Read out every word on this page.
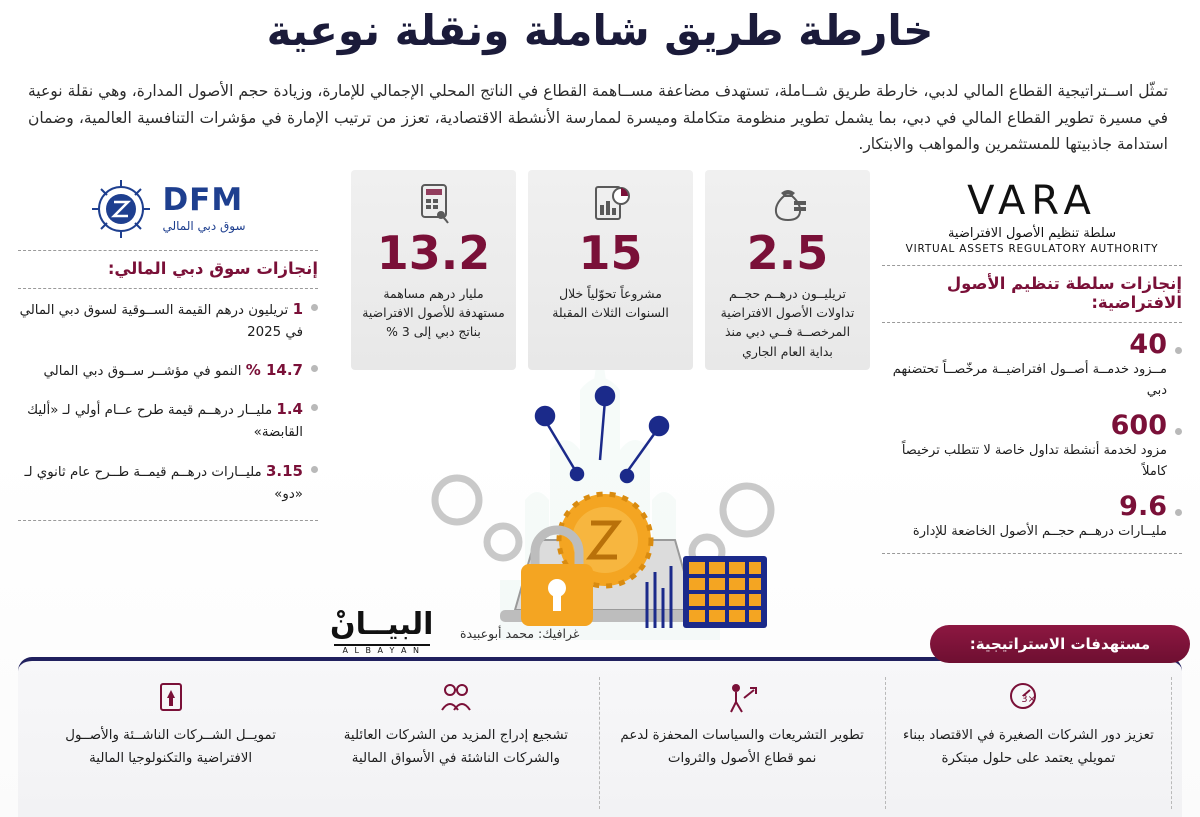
خارطة طريق شاملة ونقلة نوعية
تمثّل اســتراتيجية القطاع المالي لدبي، خارطة طريق شــاملة، تستهدف مضاعفة مســاهمة القطاع في الناتج المحلي الإجمالي للإمارة، وزيادة حجم الأصول المدارة، وهي نقلة نوعية في مسيرة تطوير القطاع المالي في دبي، بما يشمل تطوير منظومة متكاملة وميسرة لممارسة الأنشطة الاقتصادية، تعزز من ترتيب الإمارة في مؤشرات التنافسية العالمية، وضمان استدامة جاذبيتها للمستثمرين والمواهب والابتكار.
13.2
مليار درهم مساهمة مستهدفة للأصول الافتراضية بناتج دبي إلى 3 %
15
مشروعاً تحوّلياً خلال السنوات الثلاث المقبلة
2.5
تريليــون درهــم حجــم تداولات الأصول الافتراضية المرخصــة فــي دبي منذ بداية العام الجاري
VARA
سلطة تنظيم الأصول الافتراضية
VIRTUAL ASSETS REGULATORY AUTHORITY
إنجازات سلطة تنظيم الأصول الافتراضية:
40
مــزود خدمــة أصــول افتراضيــة مرخّصــاً تحتضنهم دبي
600
مزود لخدمة أنشطة تداول خاصة لا تتطلب ترخيصاً كاملاً
9.6
مليــارات درهــم حجــم الأصول الخاضعة للإدارة
DFM
سوق دبي المالي
إنجازات سوق دبي المالي:
1 تريليون درهم القيمة الســوقية لسوق دبي المالي في 2025
14.7 % النمو في مؤشــر ســوق دبي المالي
1.4 مليــار درهــم قيمة طرح عــام أولي لـ «أليك القابضة»
3.15 مليــارات درهــم قيمــة طــرح عام ثانوي لـ «دو»
غرافيك: محمد أبوعبيدة
البيــانْ
A L B A Y A N	مستهدفات الاستراتيجية:
تمويــل الشــركات الناشــئة والأصــول الافتراضية والتكنولوجيا المالية
تشجيع إدراج المزيد من الشركات العائلية والشركات الناشئة في الأسواق المالية
تطوير التشريعات والسياسات المحفزة لدعم نمو قطاع الأصول والثروات
×3
تعزيز دور الشركات الصغيرة في الاقتصاد ببناء تمويلي يعتمد على حلول مبتكرة
